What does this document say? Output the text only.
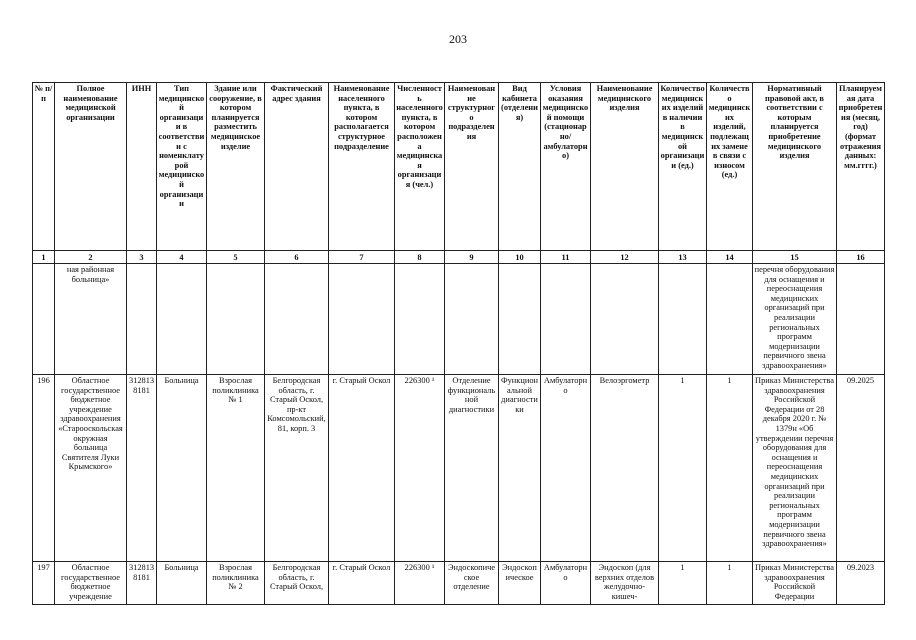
203
№ п/п	Полное наименование медицинской организации	ИНН	Тип медицинской организации в соответствии с номенклатурой медицинской организации	Здание или сооружение, в котором планируется разместить медицинское изделие	Фактический адрес здания	Наименование населенного пункта, в котором располагается структурное подразделение	Численность населенного пункта, в котором расположена медицинская организация (чел.)	Наименование структурного подразделения	Вид кабинета (отделения)	Условия оказания медицинской помощи (стационарно/ амбулаторно)	Наименование медицинского изделия	Количество медицинских изделий в наличии в медицинской организации (ед.)	Количество медицинских изделий, подлежащих замене в связи с износом (ед.)	Нормативный правовой акт, в соответствии с которым планируется приобретение медицинского изделия	Планируемая дата приобретения (месяц, год) (формат отражения данных: мм.гггг.)
1	2	3	4	5	6	7	8	9	10	11	12	13	14	15	16
	ная районная больница»													перечня оборудования для оснащения и переоснащения медицинских организаций при реализации региональных программ модернизации первичного звена здравоохранения»	
196	Областное государственное бюджетное учреждение здравоохранения «Старооскольская окружная больница Святителя Луки Крымского»	3128138181	Больница	Взрослая поликлиника № 1	Белгородская область, г. Старый Оскол, пр-кт Комсомольский, 81, корп. 3	г. Старый Оскол	226300 ¹	Отделение функциональной диагностики	Функциональной диагностики	Амбулаторно	Велоэргометр	1	1	Приказ Министерства здравоохранения Российской Федерации от 28 декабря 2020 г. № 1379н «Об утверждении перечня оборудования для оснащения и переоснащения медицинских организаций при реализации региональных программ модернизации первичного звена здравоохранения»	09.2025
197	Областное государственное бюджетное учреждение	3128138181	Больница	Взрослая поликлиника № 2	Белгородская область, г. Старый Оскол,	г. Старый Оскол	226300 ¹	Эндоскопическое отделение	Эндоскопическое	Амбулаторно	Эндоскоп (для верхних отделов желудочно-кишеч-	1	1	Приказ Министерства здравоохранения Российской Федерации	09.2023
